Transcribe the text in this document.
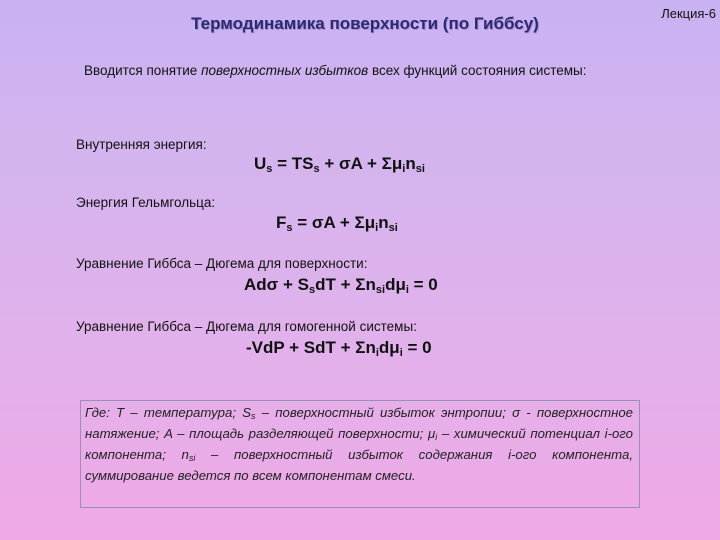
Термодинамика поверхности (по Гиббсу)
Лекция-6
Вводится понятие поверхностных избытков всех функций состояния системы:
Внутренняя энергия:
$U_s = TS_s + \sigma A + \Sigma\mu_in_{si}$
Энергия Гельмгольца:
$F_s = \sigma A + \Sigma\mu_in_{si}$
Уравнение Гиббса – Дюгема для поверхности:
$Ad\sigma + S_sdT + \Sigma n_{si}d\mu_i = 0$
Уравнение Гиббса – Дюгема для гомогенной системы:
-VdP + SdT + $\Sigma n_id\mu_i = 0$
Где: T – температура; $S_s$ – поверхностный избыток энтропии; σ - поверхностное натяжение; A – площадь разделяющей поверхности; $\mu_i$ – химический потенциал i-ого компонента; $n_{si}$ – поверхностный избыток содержания i-ого компонента, суммирование ведется по всем компонентам смеси.
